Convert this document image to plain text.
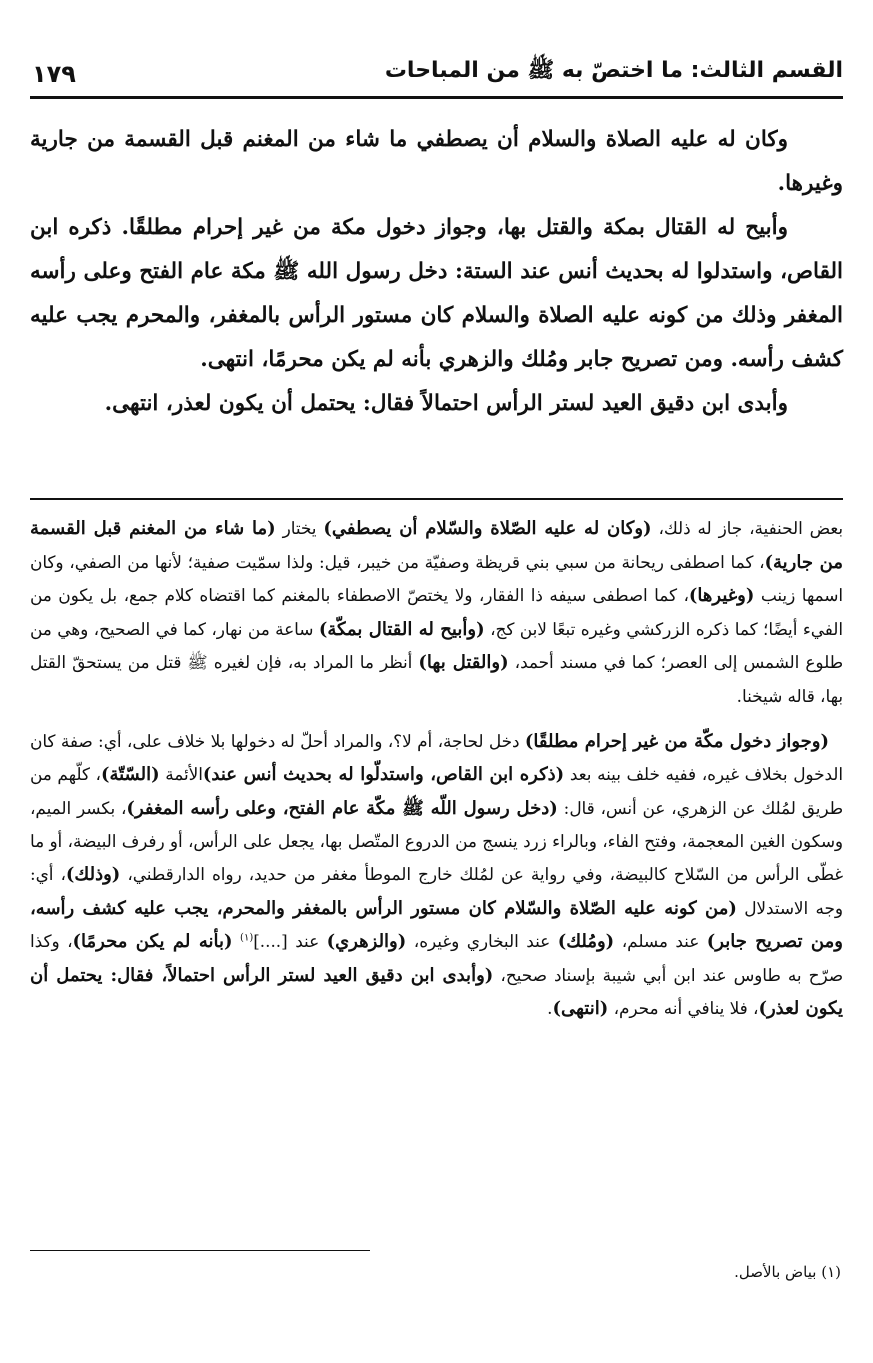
القسم الثالث: ما اختصّ به ﷺ من المباحات
١٧٩

وكان له عليه الصلاة والسلام أن يصطفي ما شاء من المغنم قبل القسمة من جارية وغيرها.

وأبيح له القتال بمكة والقتل بها، وجواز دخول مكة من غير إحرام مطلقًا. ذكره ابن القاص، واستدلوا له بحديث أنس عند الستة: دخل رسول الله ﷺ مكة عام الفتح وعلى رأسه المغفر وذلك من كونه عليه الصلاة والسلام كان مستور الرأس بالمغفر، والمحرم يجب عليه كشف رأسه. ومن تصريح جابر ومُلك والزهري بأنه لم يكن محرمًا، انتهى.

وأبدى ابن دقيق العيد لستر الرأس احتمالاً فقال: يحتمل أن يكون لعذر، انتهى.

بعض الحنفية، جاز له ذلك، (وكان له عليه الصّلاة والسّلام أن يصطفي) يختار (ما شاء من المغنم قبل القسمة من جارية)، كما اصطفى ريحانة من سبي بني قريظة وصفيّة من خيبر، قيل: ولذا سمّيت صفية؛ لأنها من الصفي، وكان اسمها زينب (وغيرها)، كما اصطفى سيفه ذا الفقار، ولا يختصّ الاصطفاء بالمغنم كما اقتضاه كلام جمع، بل يكون من الفيء أيضًا؛ كما ذكره الزركشي وغيره تبعًا لابن كج، (وأبيح له القتال بمكّة) ساعة من نهار، كما في الصحيح، وهي من طلوع الشمس إلى العصر؛ كما في مسند أحمد، (والقتل بها) أنظر ما المراد به، فإن لغيره ﷺ قتل من يستحقّ القتل بها، قاله شيخنا.

(وجواز دخول مكّة من غير إحرام مطلقًا) دخل لحاجة، أم لا؟، والمراد أحلّ له دخولها بلا خلاف على، أي: صفة كان الدخول بخلاف غيره، ففيه خلف بينه بعد (ذكره ابن القاص، واستدلّوا له بحديث أنس عند)الأئمة (السّتّة)، كلّهم من طريق لمُلك عن الزهري، عن أنس، قال: (دخل رسول اللّه ﷺ مكّة عام الفتح، وعلى رأسه المغفر)، بكسر الميم، وسكون الغين المعجمة، وفتح الفاء، وبالراء زرد ينسج من الدروع المتّصل بها، يجعل على الرأس، أو رفرف البيضة، أو ما غطّى الرأس من السّلاح كالبيضة، وفي رواية عن لمُلك خارج الموطأ مغفر من حديد، رواه الدارقطني، (وذلك)، أي: وجه الاستدلال (من كونه عليه الصّلاة والسّلام كان مستور الرأس بالمغفر والمحرم، يجب عليه كشف رأسه، ومن تصريح جابر) عند مسلم، (ومُلك) عند البخاري وغيره، (والزهري) عند [....]$^{(١)}$ (بأنه لم يكن محرمًا)، وكذا صرّح به طاوس عند ابن أبي شيبة بإسناد صحيح، (وأبدى ابن دقيق العيد لستر الرأس احتمالاً، فقال: يحتمل أن يكون لعذر)، فلا ينافي أنه محرم، (انتهى).

(١) بياض بالأصل.
